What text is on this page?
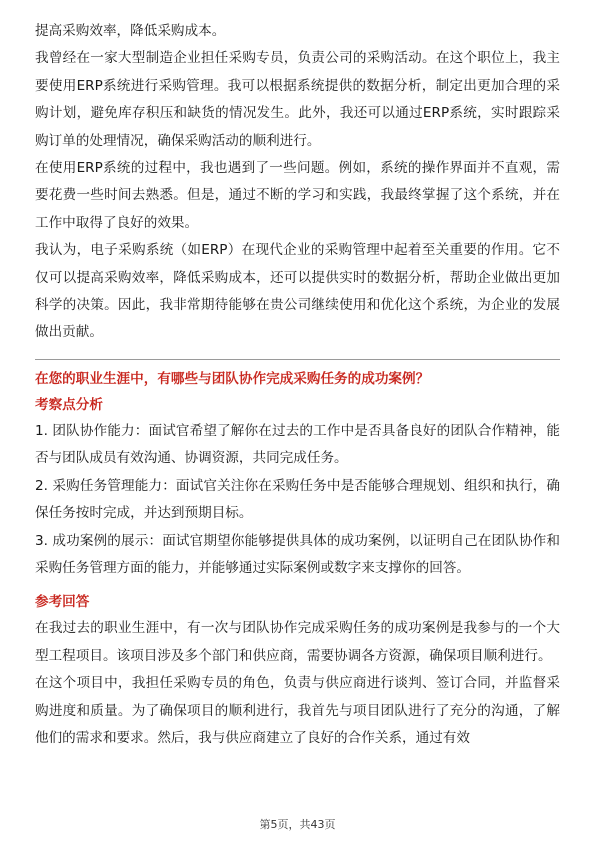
提高采购效率，降低采购成本。

我曾经在一家大型制造企业担任采购专员，负责公司的采购活动。在这个职位上，我主要使用ERP系统进行采购管理。我可以根据系统提供的数据分析，制定出更加合理的采购计划，避免库存积压和缺货的情况发生。此外，我还可以通过ERP系统，实时跟踪采购订单的处理情况，确保采购活动的顺利进行。

在使用ERP系统的过程中，我也遇到了一些问题。例如，系统的操作界面并不直观，需要花费一些时间去熟悉。但是，通过不断的学习和实践，我最终掌握了这个系统，并在工作中取得了良好的效果。

我认为，电子采购系统（如ERP）在现代企业的采购管理中起着至关重要的作用。它不仅可以提高采购效率，降低采购成本，还可以提供实时的数据分析，帮助企业做出更加科学的决策。因此，我非常期待能够在贵公司继续使用和优化这个系统，为企业的发展做出贡献。

在您的职业生涯中，有哪些与团队协作完成采购任务的成功案例？

考察点分析

1. 团队协作能力：面试官希望了解你在过去的工作中是否具备良好的团队合作精神，能否与团队成员有效沟通、协调资源，共同完成任务。

2. 采购任务管理能力：面试官关注你在采购任务中是否能够合理规划、组织和执行，确保任务按时完成，并达到预期目标。

3. 成功案例的展示：面试官期望你能够提供具体的成功案例，以证明自己在团队协作和采购任务管理方面的能力，并能够通过实际案例或数字来支撑你的回答。

参考回答

在我过去的职业生涯中，有一次与团队协作完成采购任务的成功案例是我参与的一个大型工程项目。该项目涉及多个部门和供应商，需要协调各方资源，确保项目顺利进行。

在这个项目中，我担任采购专员的角色，负责与供应商进行谈判、签订合同，并监督采购进度和质量。为了确保项目的顺利进行，我首先与项目团队进行了充分的沟通，了解他们的需求和要求。然后，我与供应商建立了良好的合作关系，通过有效

第5页，共43页
